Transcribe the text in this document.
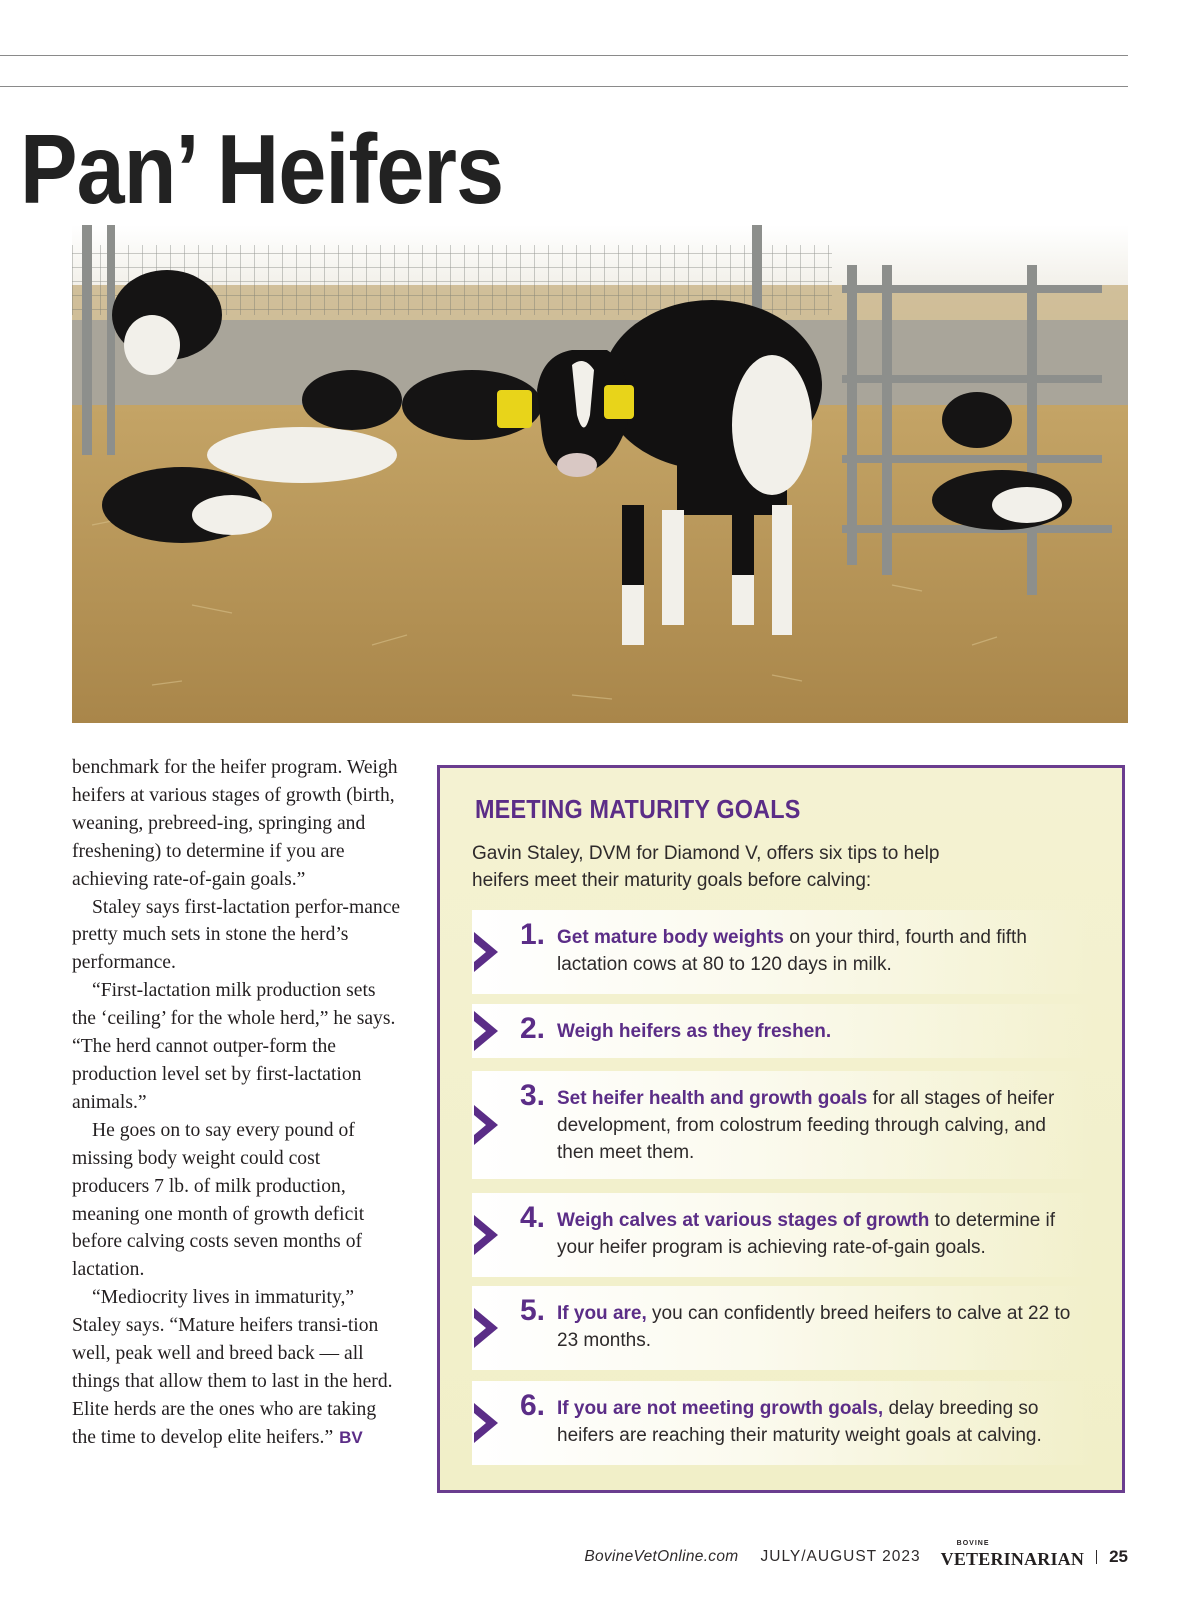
Pan’ Heifers

benchmark for the heifer program. Weigh heifers at various stages of growth (birth, weaning, prebreed-ing, springing and freshening) to determine if you are achieving rate-of-gain goals.”

Staley says first-lactation perfor-mance pretty much sets in stone the herd’s performance.

“First-lactation milk production sets the ‘ceiling’ for the whole herd,” he says. “The herd cannot outper-form the production level set by first-lactation animals.”

He goes on to say every pound of missing body weight could cost producers 7 lb. of milk production, meaning one month of growth deficit before calving costs seven months of lactation.

“Mediocrity lives in immaturity,” Staley says. “Mature heifers transi-tion well, peak well and breed back — all things that allow them to last in the herd. Elite herds are the ones who are taking the time to develop elite heifers.” BV

MEETING MATURITY GOALS

Gavin Staley, DVM for Diamond V, offers six tips to help heifers meet their maturity goals before calving:

1. Get mature body weights on your third, fourth and fifth lactation cows at 80 to 120 days in milk.

2. Weigh heifers as they freshen.

3. Set heifer health and growth goals for all stages of heifer development, from colostrum feeding through calving, and then meet them.

4. Weigh calves at various stages of growth to determine if your heifer program is achieving rate-of-gain goals.

5. If you are, you can confidently breed heifers to calve at 22 to 23 months.

6. If you are not meeting growth goals, delay breeding so heifers are reaching their maturity weight goals at calving.

BovineVetOnline.com JULY/AUGUST 2023
BOVINE
VETERINARIAN 25
